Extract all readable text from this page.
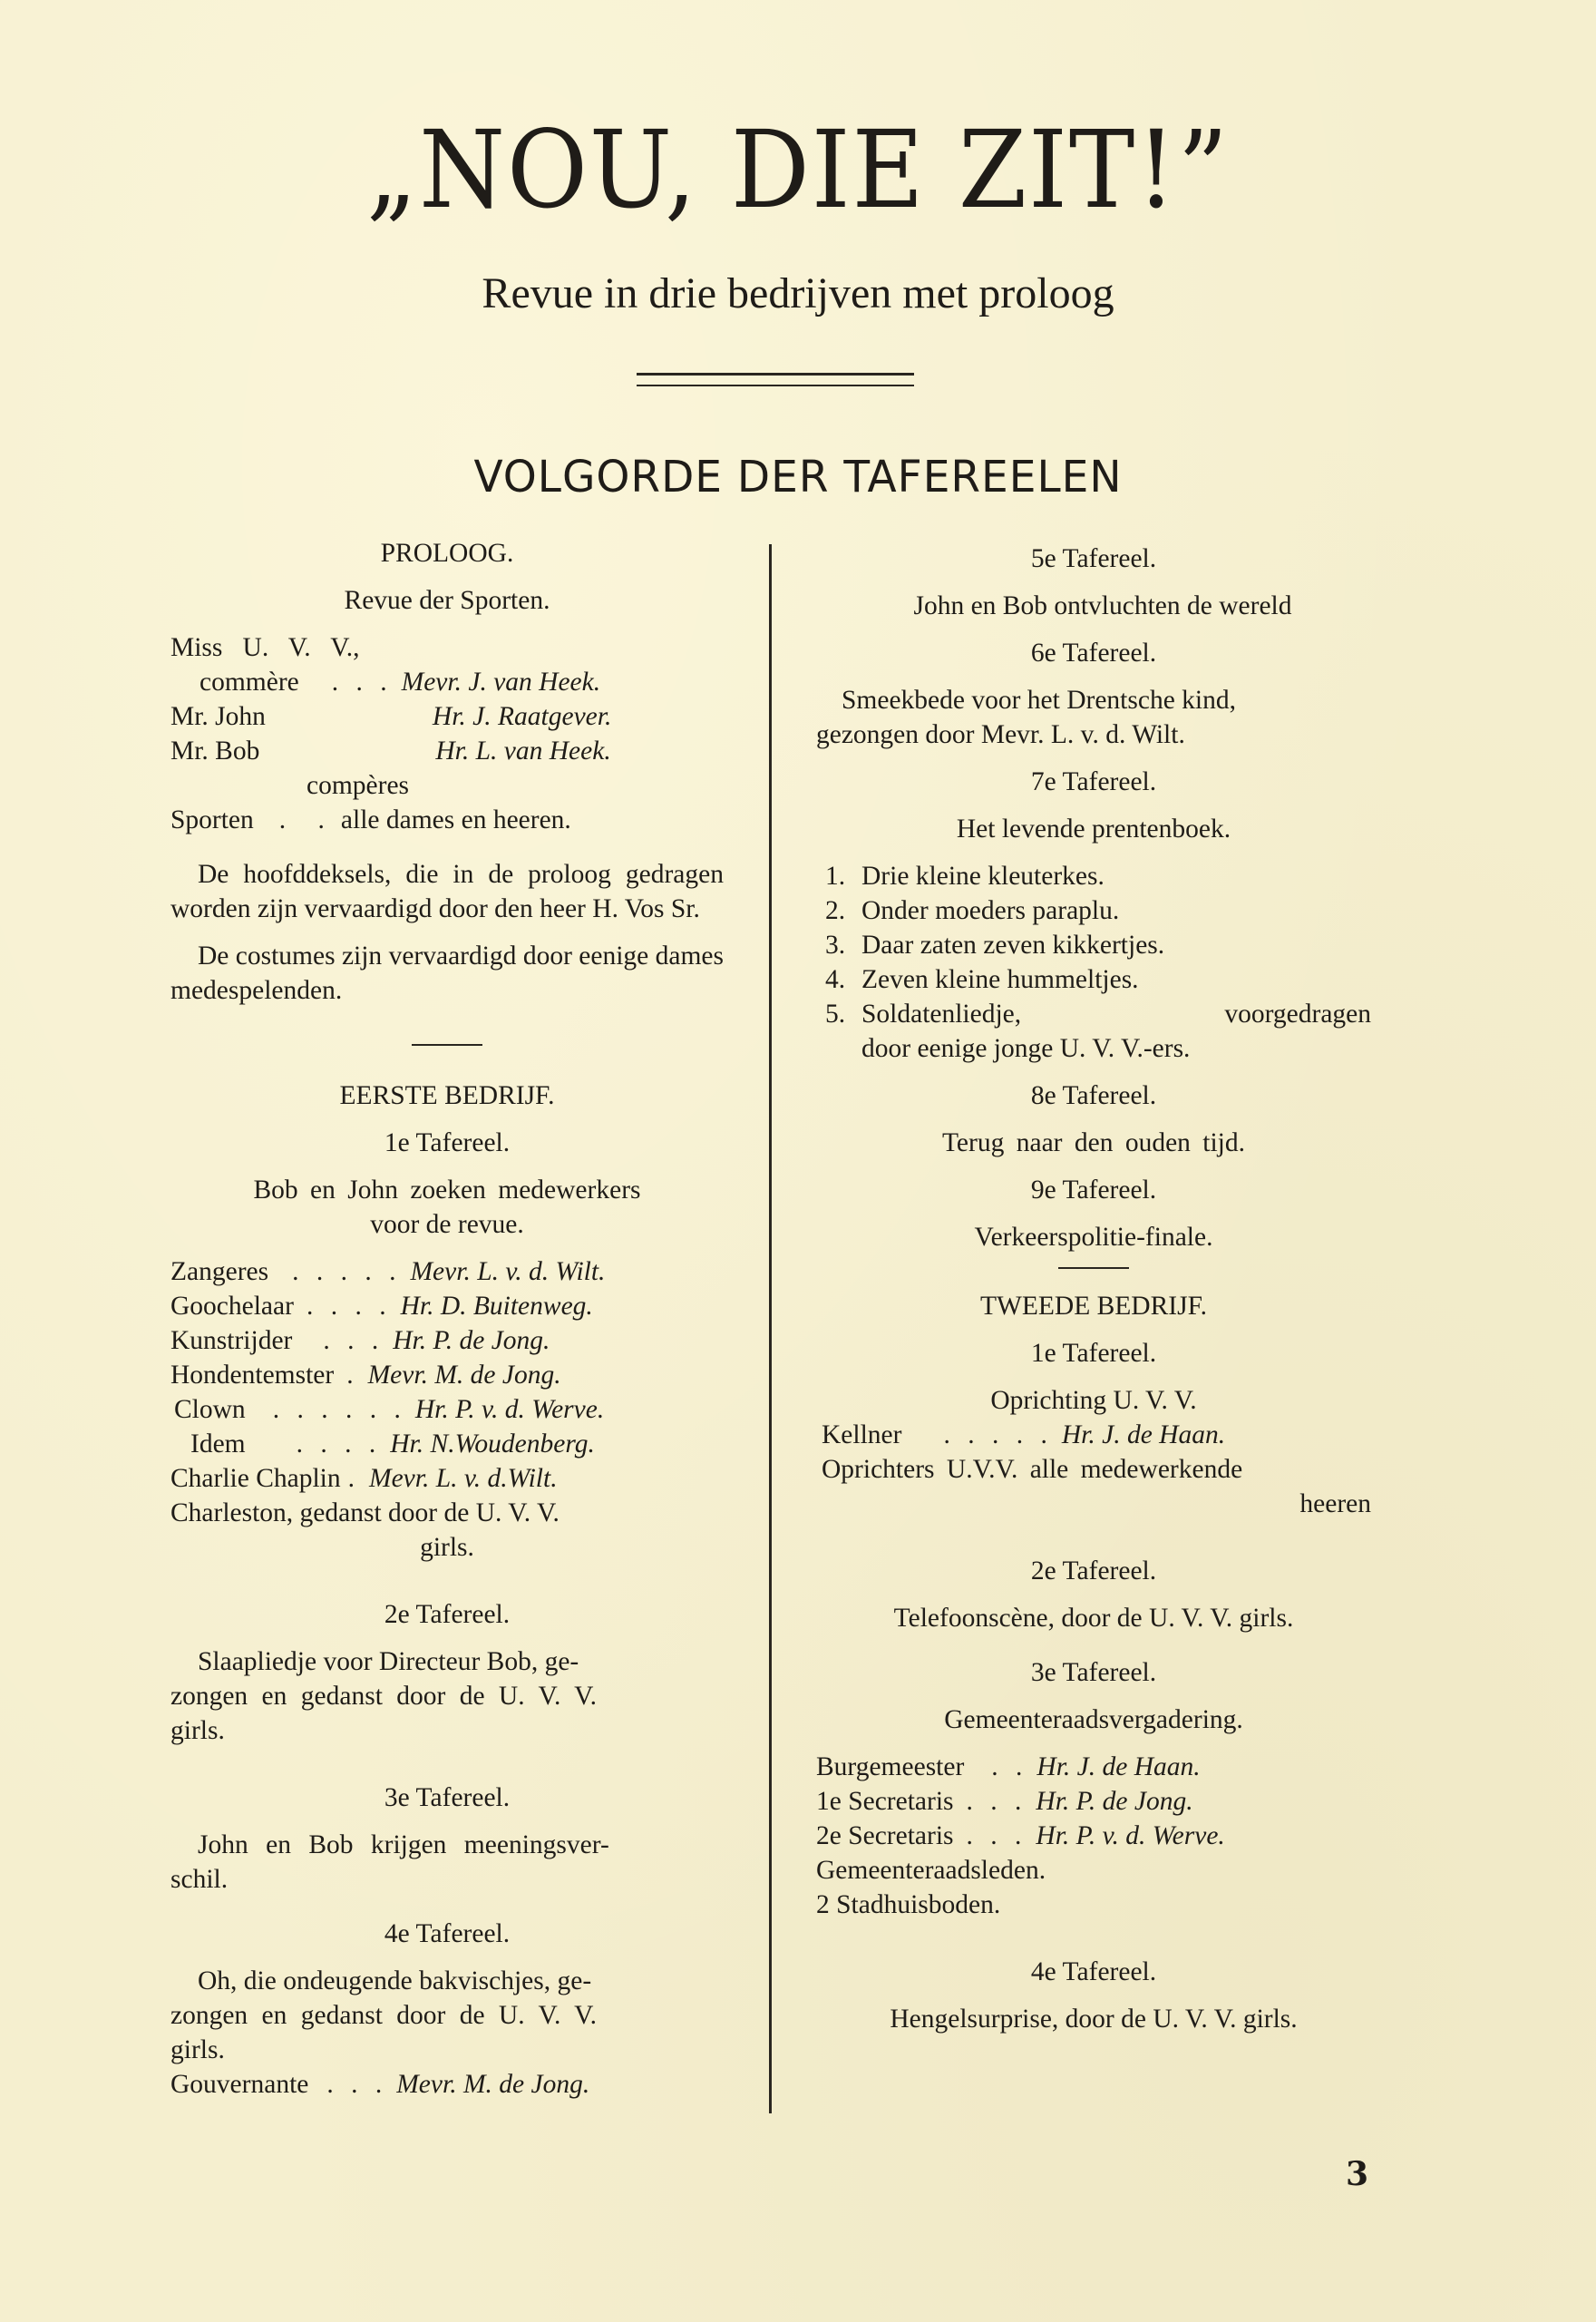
„NOU, DIE ZIT!”
Revue in drie bedrijven met proloog
VOLGORDE DER TAFEREELEN
PROLOOG.
Revue der Sporten.
Miss   U.   V.   V.,
commère	. . . Mevr. J. van Heek.
Mr. John	Hr. J. Raatgever.
Mr. Bob	Hr. L. van Heek.
compères
Sporten . . alle dames en heeren.
De hoofddeksels, die in de proloog gedragen worden zijn vervaardigd door den heer H. Vos Sr.
De costumes zijn vervaardigd door eenige dames medespelenden.
EERSTE BEDRIJF.
1e Tafereel.
Bob en John zoeken medewerkers
voor de revue.
Zangeres . . . . . Mevr. L. v. d. Wilt.
Goochelaar . . . . Hr. D. Buitenweg.
Kunstrijder	. . . Hr. P. de Jong.
Hondentemster . Mevr. M. de Jong.
Clown	. . . . . . Hr. P. v. d. Werve.
Idem	. . . . Hr. N.Woudenberg.
Charlie Chaplin . Mevr. L. v. d.Wilt.
Charleston, gedanst door de U. V. V.
girls.
2e Tafereel.
Slaapliedje voor Directeur Bob, ge-
zongen en gedanst door de U. V. V.
girls.
3e Tafereel.
John en Bob krijgen meeningsver-
schil.
4e Tafereel.
Oh, die ondeugende bakvischjes, ge-
zongen en gedanst door de U. V. V.
girls.
Gouvernante . . . Mevr. M. de Jong.
5e Tafereel.
John en Bob ontvluchten de wereld
6e Tafereel.
Smeekbede voor het Drentsche kind,
gezongen door Mevr. L. v. d. Wilt.
7e Tafereel.
Het levende prentenboek.
1. Drie kleine kleuterkes.
2. Onder moeders paraplu.
3. Daar zaten zeven kikkertjes.
4. Zeven kleine hummeltjes.
5. Soldatenliedje, voorgedragen
door eenige jonge U. V. V.-ers.
8e Tafereel.
Terug naar den ouden tijd.
9e Tafereel.
Verkeerspolitie-finale.
TWEEDE BEDRIJF.
1e Tafereel.
Oprichting U. V. V.
Kellner	. . . . . Hr. J. de Haan.
Oprichters U.V.V. alle medewerkende
heeren
2e Tafereel.
Telefoonscène, door de U. V. V. girls.
3e Tafereel.
Gemeenteraadsvergadering.
Burgemeester	. . Hr. J. de Haan.
1e Secretaris . . . Hr. P. de Jong.
2e Secretaris . . . Hr. P. v. d. Werve.
Gemeenteraadsleden.
2 Stadhuisboden.
4e Tafereel.
Hengelsurprise, door de U. V. V. girls.
3
